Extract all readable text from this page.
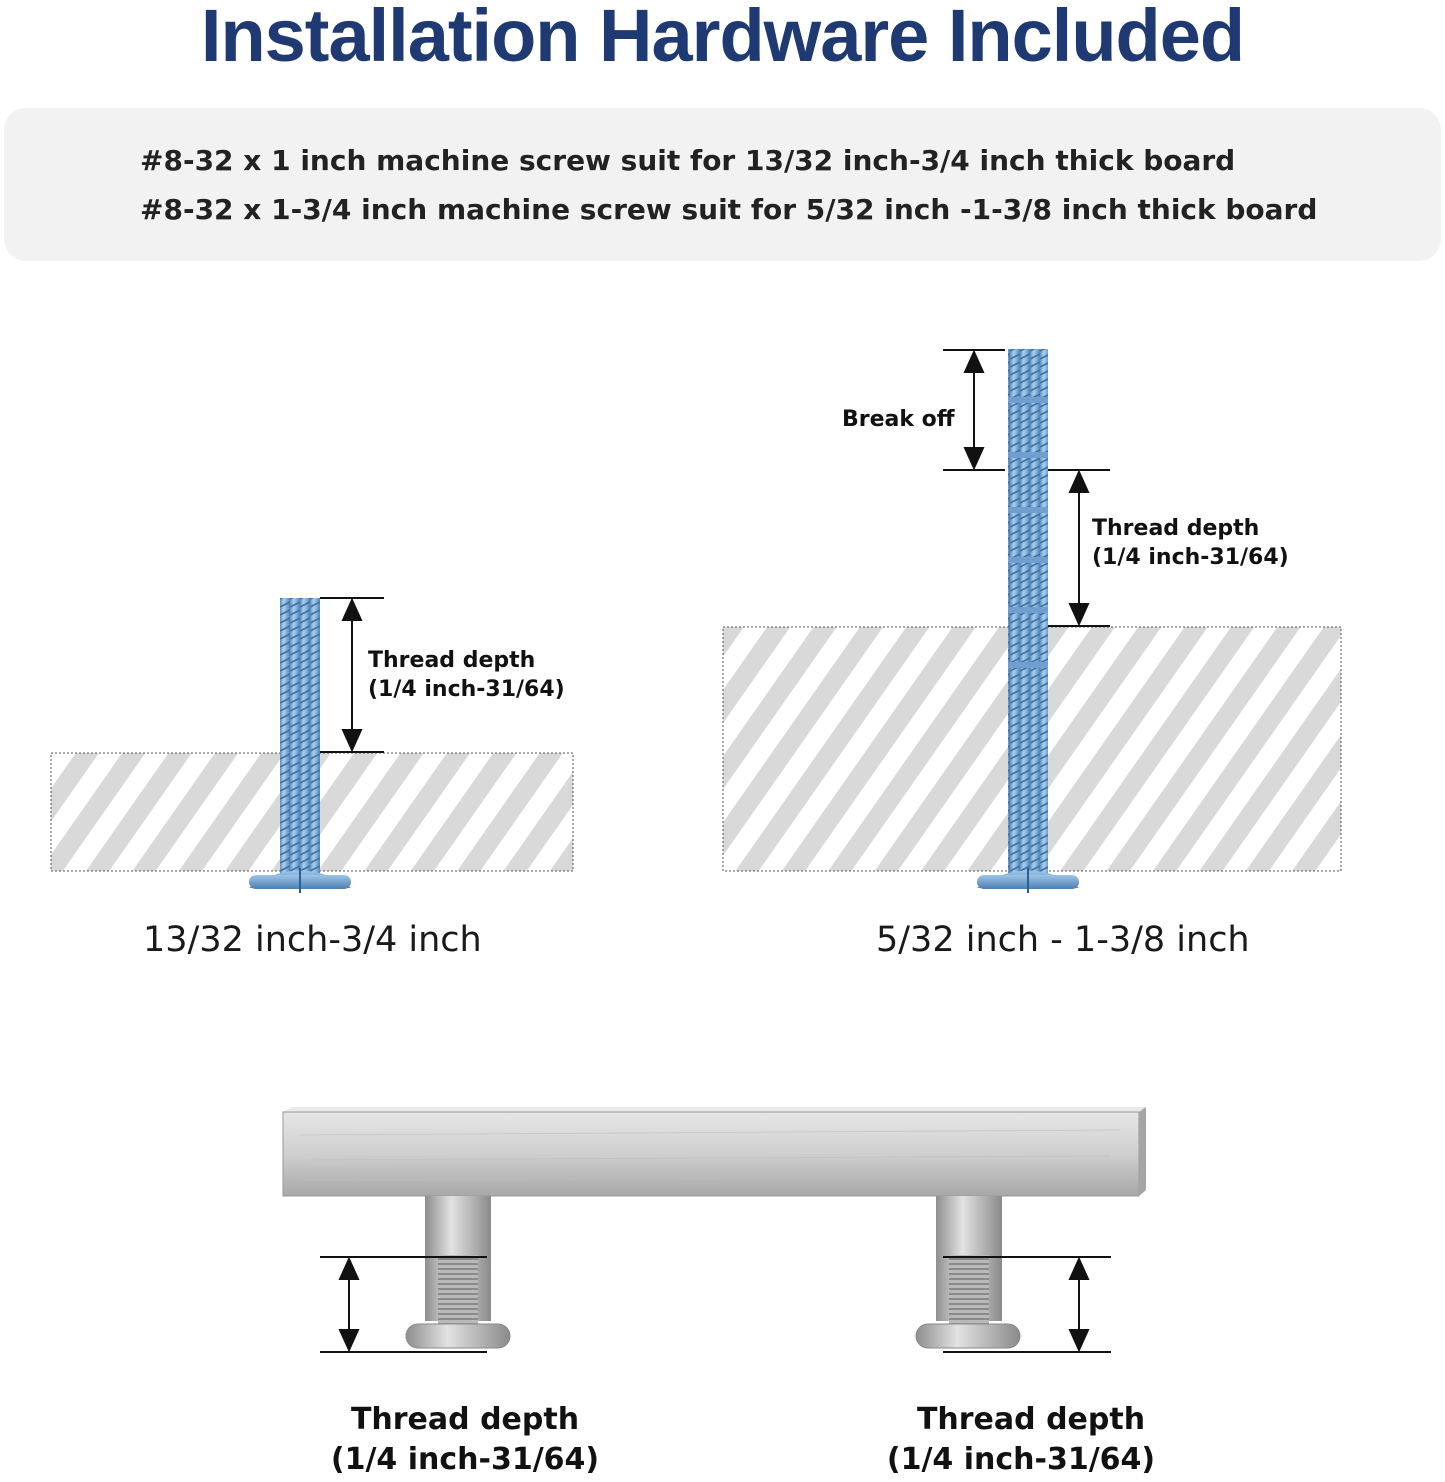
Installation Hardware Included
#8-32 x 1 inch machine screw suit for 13/32 inch-3/4 inch thick board
#8-32 x 1-3/4 inch machine screw suit for 5/32 inch -1-3/8 inch thick board
Thread depth
(1/4 inch-31/64)
13/32 inch-3/4 inch
Break off
Thread depth
(1/4 inch-31/64)
5/32 inch - 1-3/8 inch
Thread depth
(1/4 inch-31/64)
Thread depth
(1/4 inch-31/64)
